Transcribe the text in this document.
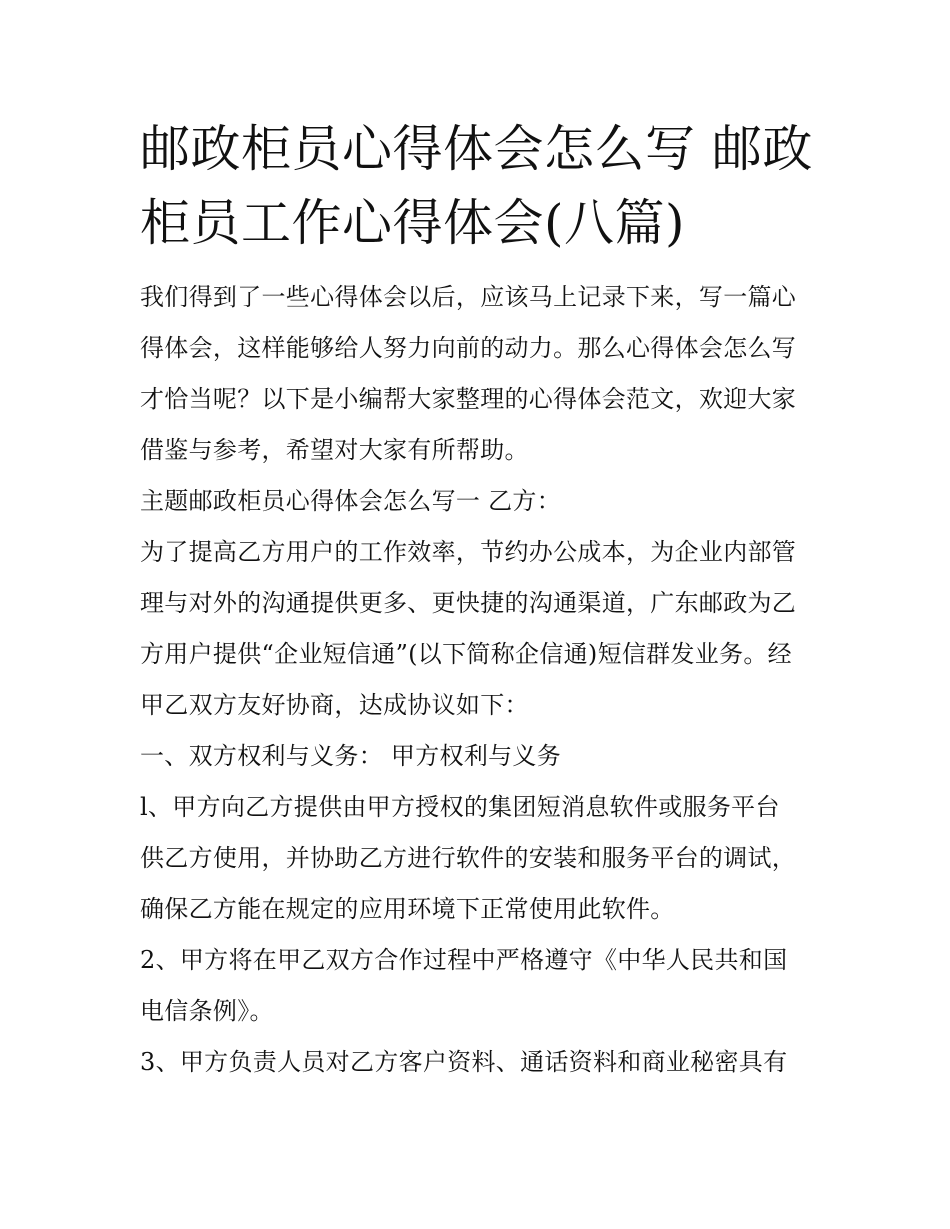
邮政柜员心得体会怎么写 邮政
柜员工作心得体会(八篇)

我们得到了一些心得体会以后，应该马上记录下来，写一篇心
得体会，这样能够给人努力向前的动力。那么心得体会怎么写
才恰当呢？以下是小编帮大家整理的心得体会范文，欢迎大家
借鉴与参考，希望对大家有所帮助。

主题邮政柜员心得体会怎么写一 乙方：

为了提高乙方用户的工作效率，节约办公成本，为企业内部管
理与对外的沟通提供更多、更快捷的沟通渠道，广东邮政为乙
方用户提供“企业短信通”(以下简称企信通)短信群发业务。经
甲乙双方友好协商，达成协议如下：

一、双方权利与义务： 甲方权利与义务

l、甲方向乙方提供由甲方授权的集团短消息软件或服务平台
供乙方使用，并协助乙方进行软件的安装和服务平台的调试，
确保乙方能在规定的应用环境下正常使用此软件。

2、甲方将在甲乙双方合作过程中严格遵守《中华人民共和国
电信条例》。

3、甲方负责人员对乙方客户资料、通话资料和商业秘密具有
